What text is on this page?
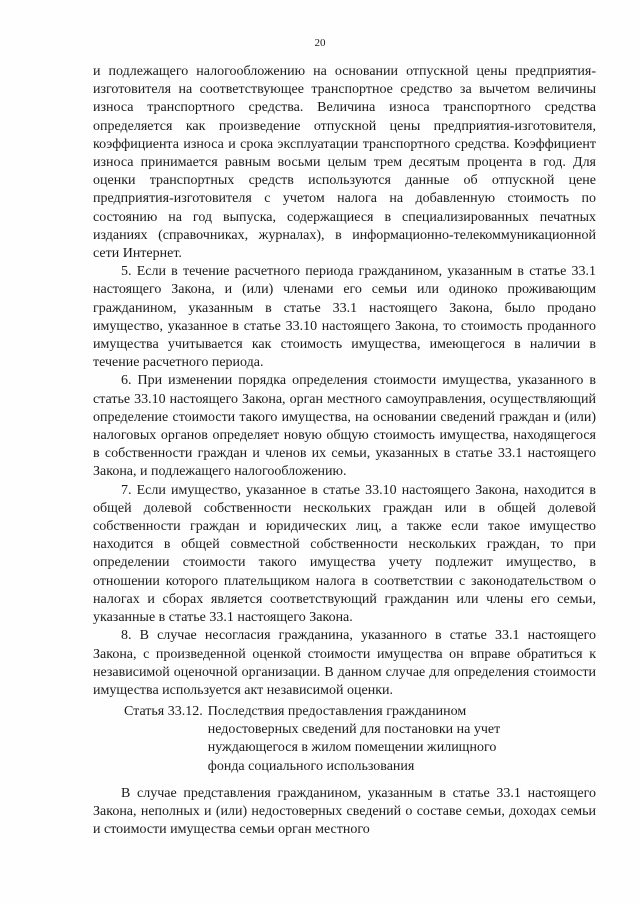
20

и подлежащего налогообложению на основании отпускной цены предприятия-изготовителя на соответствующее транспортное средство за вычетом величины износа транспортного средства. Величина износа транспортного средства определяется как произведение отпускной цены предприятия-изготовителя, коэффициента износа и срока эксплуатации транспортного средства. Коэффициент износа принимается равным восьми целым трем десятым процента в год. Для оценки транспортных средств используются данные об отпускной цене предприятия-изготовителя с учетом налога на добавленную стоимость по состоянию на год выпуска, содержащиеся в специализированных печатных изданиях (справочниках, журналах), в информационно-телекоммуникационной сети Интернет.

5. Если в течение расчетного периода гражданином, указанным в статье 33.1 настоящего Закона, и (или) членами его семьи или одиноко проживающим гражданином, указанным в статье 33.1 настоящего Закона, было продано имущество, указанное в статье 33.10 настоящего Закона, то стоимость проданного имущества учитывается как стоимость имущества, имеющегося в наличии в течение расчетного периода.

6. При изменении порядка определения стоимости имущества, указанного в статье 33.10 настоящего Закона, орган местного самоуправления, осуществляющий определение стоимости такого имущества, на основании сведений граждан и (или) налоговых органов определяет новую общую стоимость имущества, находящегося в собственности граждан и членов их семьи, указанных в статье 33.1 настоящего Закона, и подлежащего налогообложению.

7. Если имущество, указанное в статье 33.10 настоящего Закона, находится в общей долевой собственности нескольких граждан или в общей долевой собственности граждан и юридических лиц, а также если такое имущество находится в общей совместной собственности нескольких граждан, то при определении стоимости такого имущества учету подлежит имущество, в отношении которого плательщиком налога в соответствии с законодательством о налогах и сборах является соответствующий гражданин или члены его семьи, указанные в статье 33.1 настоящего Закона.

8. В случае несогласия гражданина, указанного в статье 33.1 настоящего Закона, с произведенной оценкой стоимости имущества он вправе обратиться к независимой оценочной организации. В данном случае для определения стоимости имущества используется акт независимой оценки.

Статья 33.12. Последствия предоставления гражданином
недостоверных сведений для постановки на учет
нуждающегося в жилом помещении жилищного
фонда социального использования

В случае представления гражданином, указанным в статье 33.1 настоящего Закона, неполных и (или) недостоверных сведений о составе семьи, доходах семьи и стоимости имущества семьи орган местного
